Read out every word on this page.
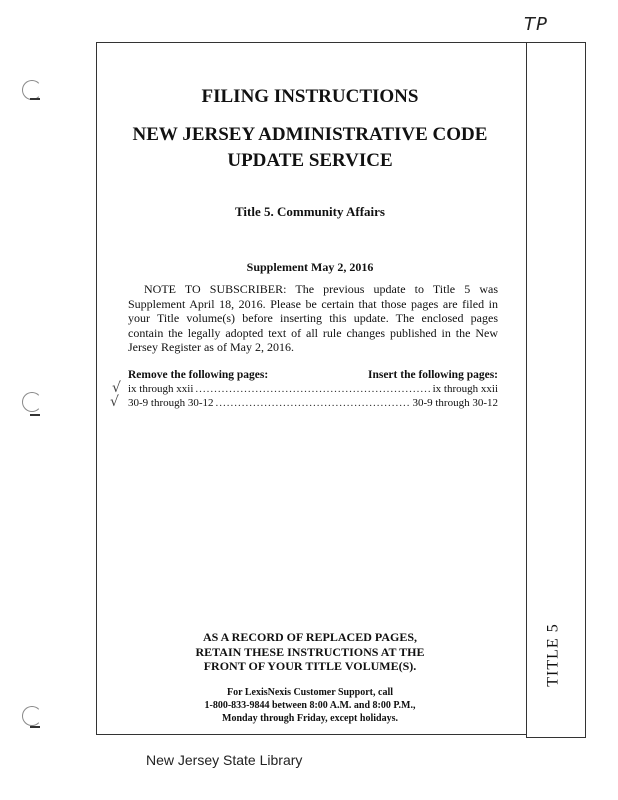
TP
TITLE 5
FILING INSTRUCTIONS
NEW JERSEY ADMINISTRATIVE CODE
UPDATE SERVICE
Title 5. Community Affairs
Supplement May 2, 2016
NOTE TO SUBSCRIBER: The previous update to Title 5 was Supplement April 18, 2016. Please be certain that those pages are filed in your Title volume(s) before inserting this update. The enclosed pages contain the legally adopted text of all rule changes published in the New Jersey Register as of May 2, 2016.
√
√
Remove the following pages:	Insert the following pages:
ix through xxii .....	ix through xxii
30-9 through 30-12 .....	30-9 through 30-12
AS A RECORD OF REPLACED PAGES,
RETAIN THESE INSTRUCTIONS AT THE
FRONT OF YOUR TITLE VOLUME(S).
For LexisNexis Customer Support, call
1-800-833-9844 between 8:00 A.M. and 8:00 P.M.,
Monday through Friday, except holidays.
New Jersey State Library
